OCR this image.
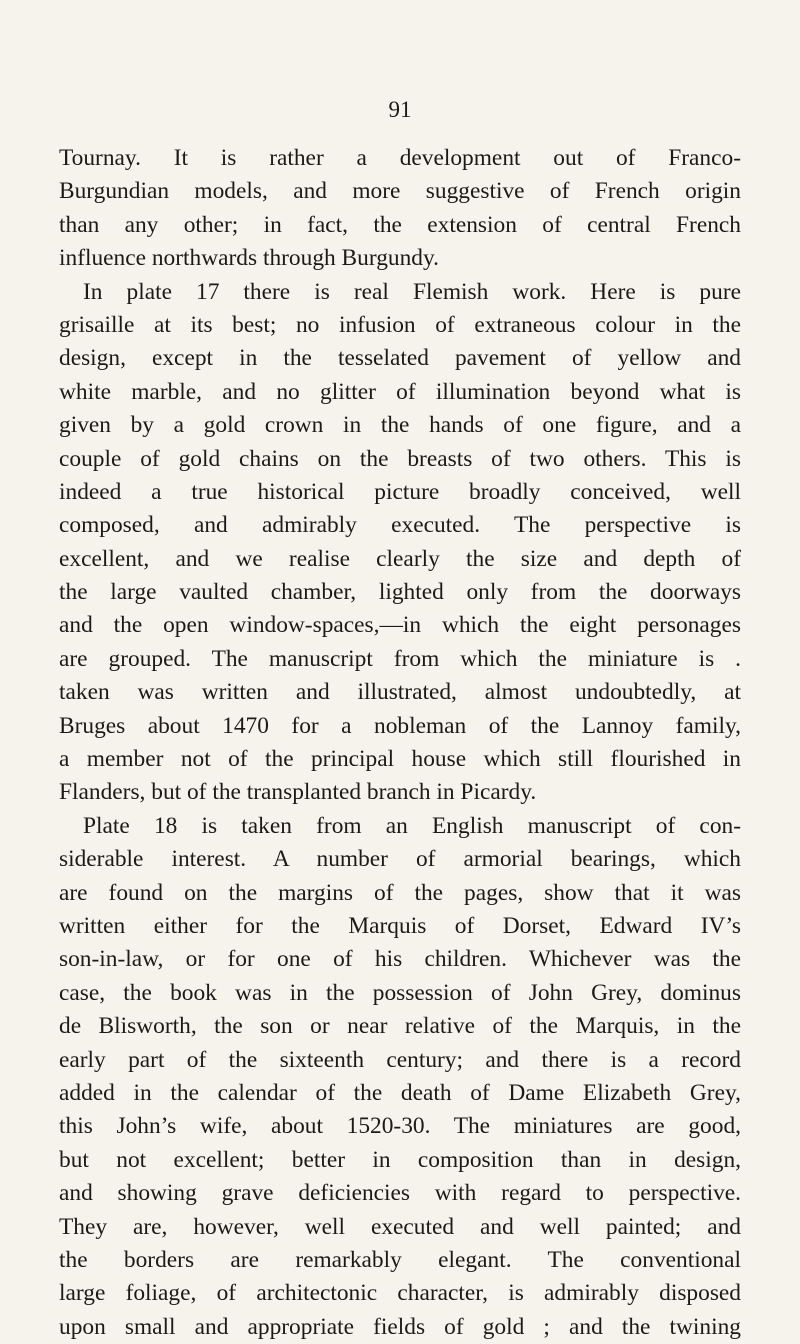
91
Tournay. It is rather a development out of Franco-
Burgundian models, and more suggestive of French origin
than any other; in fact, the extension of central French
influence northwards through Burgundy.
In plate 17 there is real Flemish work. Here is pure
grisaille at its best; no infusion of extraneous colour in the
design, except in the tesselated pavement of yellow and
white marble, and no glitter of illumination beyond what is
given by a gold crown in the hands of one figure, and a
couple of gold chains on the breasts of two others. This is
indeed a true historical picture broadly conceived, well
composed, and admirably executed. The perspective is
excellent, and we realise clearly the size and depth of
the large vaulted chamber, lighted only from the doorways
and the open window-spaces,—in which the eight personages
are grouped. The manuscript from which the miniature is .
taken was written and illustrated, almost undoubtedly, at
Bruges about 1470 for a nobleman of the Lannoy family,
a member not of the principal house which still flourished in
Flanders, but of the transplanted branch in Picardy.
Plate 18 is taken from an English manuscript of con-
siderable interest. A number of armorial bearings, which
are found on the margins of the pages, show that it was
written either for the Marquis of Dorset, Edward IV’s
son-in-law, or for one of his children. Whichever was the
case, the book was in the possession of John Grey, dominus
de Blisworth, the son or near relative of the Marquis, in the
early part of the sixteenth century; and there is a record
added in the calendar of the death of Dame Elizabeth Grey,
this John’s wife, about 1520-30. The miniatures are good,
but not excellent; better in composition than in design,
and showing grave deficiencies with regard to perspective.
They are, however, well executed and well painted; and
the borders are remarkably elegant. The conventional
large foliage, of architectonic character, is admirably disposed
upon small and appropriate fields of gold ; and the twining
